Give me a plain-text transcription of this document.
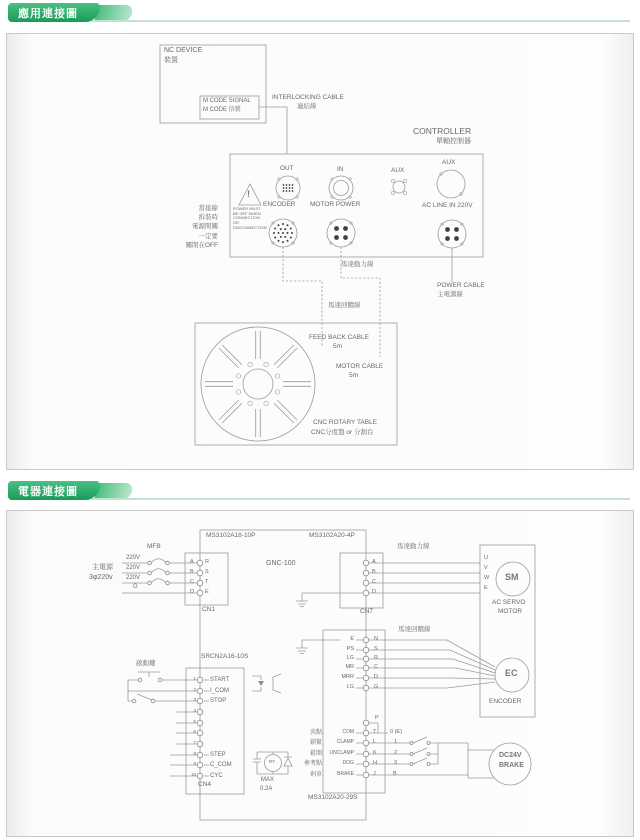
應用連接圖
電器連接圖
NC DEVICE
裝置
M CODE SIGNAL
M CODE 信號
INTERLOCKING CABLE
連結線
CONTROLLER
單軸控制器
OUT	IN	AUX
AUX
ENCODER MOTOR POWER	AC LINE IN 220V
!
POWER MUST
BE OFF WHEN
CONNECTION
OR
DISCONNECTION
當接線
拆裝時
電源開關
一定要
關閉在OFF
馬達動力線
POWER CABLE
主電源線
馬達回饋線
FEED BACK CABLE
5m
MOTOR CABLE
5m
CNC ROTARY TABLE
CNC分度盤 or 分割台
MS3102A18-10P	MS3102A20-4P
GNC-100
MFB
主電源
3φ220v
220V
220V
220V
G
A
B
C
D
R
S
T
E
CN1
A
B
C
D
CN7
馬達動力線
U
V
W
E
SM
AC SERVO
MOTOR
EC
ENCODER
馬達回饋線
E
PS
LG
MR
MRR
LG
N
S
R
C
D
G
P
COM
CLAMP
UNCLAMP
DOG
BRAKE
T
L
K
H
J
0 (E)
1
2
3
B
共點
鎖緊
鬆開
參考點
剎車
MS3102A20-29S
DC24V
BRAKE
SRCN2A16-10S
1
2
3
4
5
6
7
8
9
10
START
I_COM
STOP
STEP
C_COM
CYC
CN4
啟動鍵
RY
MAX
0.2A
